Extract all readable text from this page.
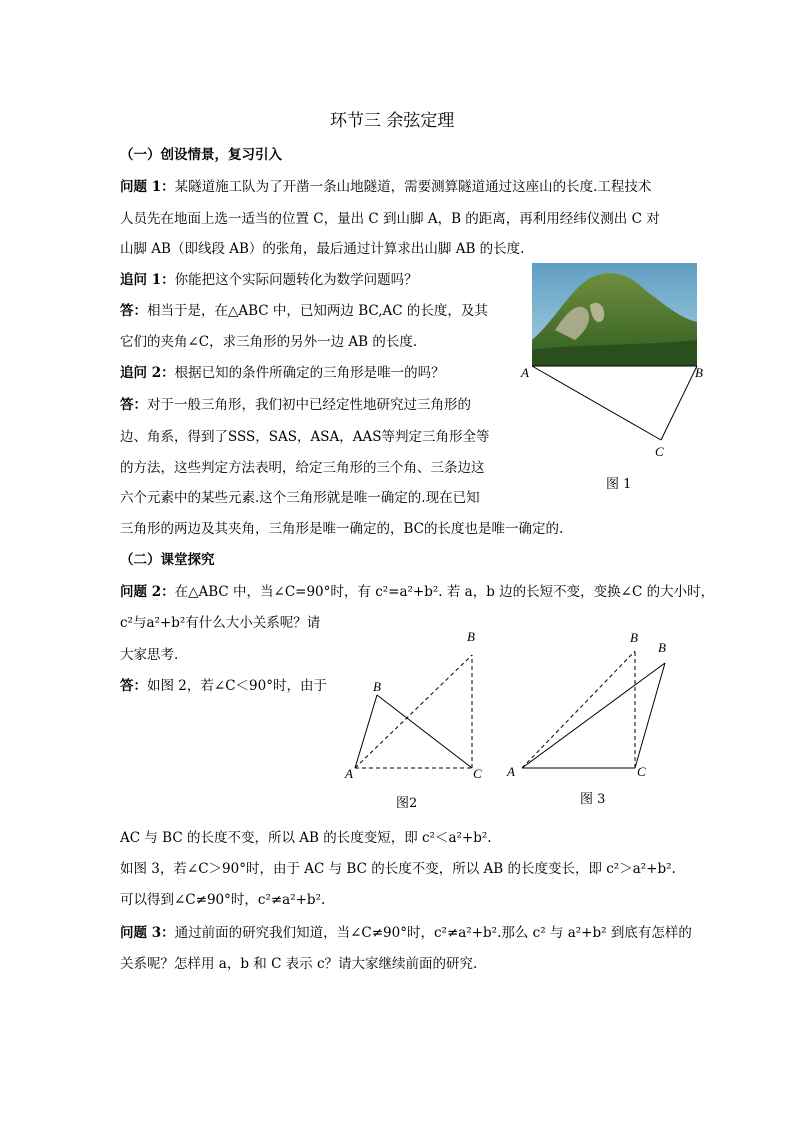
环节三 余弦定理
（一）创设情景，复习引入
问题 1：某隧道施工队为了开凿一条山地隧道，需要测算隧道通过这座山的长度.工程技术
人员先在地面上选一适当的位置 C，量出 C 到山脚 A，B 的距离，再利用经纬仪测出 C 对
山脚 AB（即线段 AB）的张角，最后通过计算求出山脚 AB 的长度.
追问 1：你能把这个实际问题转化为数学问题吗？
答：相当于是，在△ABC 中，已知两边 BC,AC 的长度，及其
它们的夹角∠C，求三角形的另外一边 AB 的长度.
追问 2：根据已知的条件所确定的三角形是唯一的吗？
答：对于一般三角形，我们初中已经定性地研究过三角形的
边、角系，得到了SSS，SAS，ASA，AAS等判定三角形全等
的方法，这些判定方法表明，给定三角形的三个角、三条边这
六个元素中的某些元素.这个三角形就是唯一确定的.现在已知
三角形的两边及其夹角，三角形是唯一确定的，BC的长度也是唯一确定的.
A	B
C
图 1
（二）课堂探究
问题 2：在△ABC 中，当∠C=90°时，有 c²=a²+b². 若 a，b 边的长短不变，变换∠C 的大小时，
c²与a²+b²有什么大小关系呢？请
大家思考.
答：如图 2，若∠C＜90°时，由于
B
B
A	C
图2
B
B
A	C
图 3
AC 与 BC 的长度不变，所以 AB 的长度变短，即 c²＜a²+b².
如图 3，若∠C＞90°时，由于 AC 与 BC 的长度不变，所以 AB 的长度变长，即 c²＞a²+b².
可以得到∠C≠90°时，c²≠a²+b².
问题 3：通过前面的研究我们知道，当∠C≠90°时，c²≠a²+b².那么 c² 与 a²+b² 到底有怎样的
关系呢？怎样用 a，b 和 C 表示 c？请大家继续前面的研究.
